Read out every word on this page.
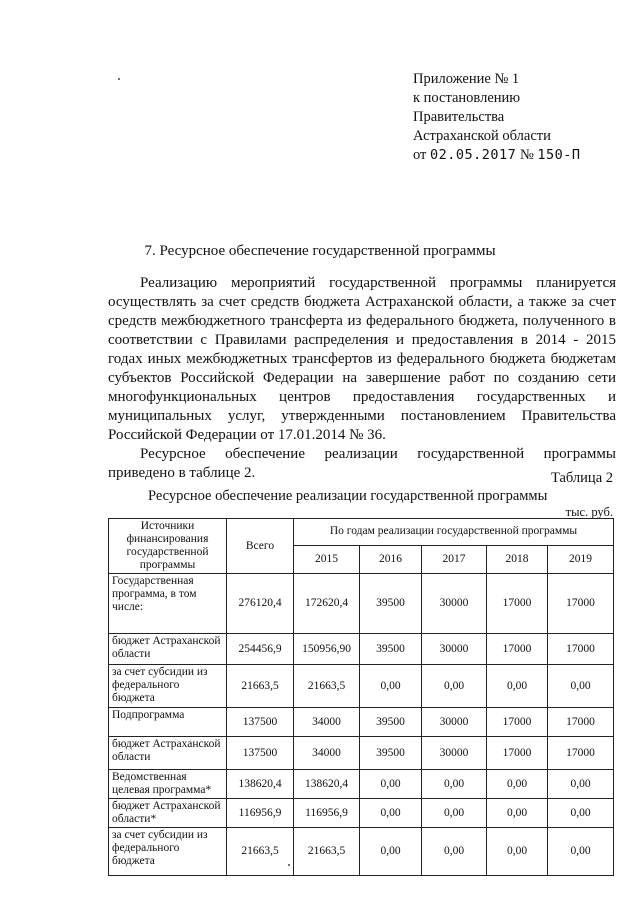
Приложение № 1
к постановлению
Правительства
Астраханской области
от 02.05.2017 № 150-П
7. Ресурсное обеспечение государственной программы

Реализацию мероприятий государственной программы планируется осуществлять за счет средств бюджета Астраханской области, а также за счет средств межбюджетного трансферта из федерального бюджета, полученного в соответствии с Правилами распределения и предоставления в 2014 - 2015 годах иных межбюджетных трансфертов из федерального бюджета бюджетам субъектов Российской Федерации на завершение работ по созданию сети многофункциональных центров предоставления государственных и муниципальных услуг, утвержденными постановлением Правительства Российской Федерации от 17.01.2014 № 36.

Ресурсное обеспечение реализации государственной программы приведено в таблице 2.	Таблица 2
Ресурсное обеспечение реализации государственной программы
тыс. руб.
Источники финансирования государственной программы	Всего	По годам реализации государственной программы				
		2015	2016	2017	2018	2019
Государственная программа, в том числе:	276120,4	172620,4	39500	30000	17000	17000
бюджет Астраханской области	254456,9	150956,90	39500	30000	17000	17000
за счет субсидии из федерального бюджета	21663,5	21663,5	0,00	0,00	0,00	0,00
Подпрограмма	137500	34000	39500	30000	17000	17000
бюджет Астраханской области	137500	34000	39500	30000	17000	17000
Ведомственная целевая программа*	138620,4	138620,4	0,00	0,00	0,00	0,00
бюджет Астраханской области*	116956,9	116956,9	0,00	0,00	0,00	0,00
за счет субсидии из федерального бюджета	21663,5	21663,5	0,00	0,00	0,00	0,00
